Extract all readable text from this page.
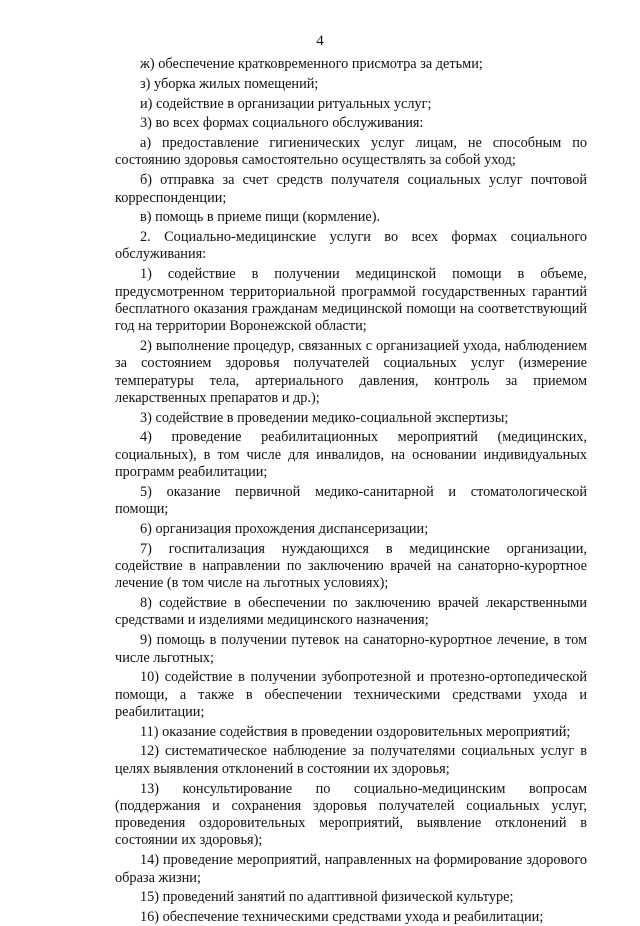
4

ж) обеспечение кратковременного присмотра за детьми;

з) уборка жилых помещений;

и) содействие в организации ритуальных услуг;

3) во всех формах социального обслуживания:

а) предоставление гигиенических услуг лицам, не способным по состоянию здоровья самостоятельно осуществлять за собой уход;

б) отправка за счет средств получателя социальных услуг почтовой корреспонденции;

в) помощь в приеме пищи (кормление).

2. Социально-медицинские услуги во всех формах социального обслуживания:

1) содействие в получении медицинской помощи в объеме, предусмотренном территориальной программой государственных гарантий бесплатного оказания гражданам медицинской помощи на соответствующий год на территории Воронежской области;

2) выполнение процедур, связанных с организацией ухода, наблюдением за состоянием здоровья получателей социальных услуг (измерение температуры тела, артериального давления, контроль за приемом лекарственных препаратов и др.);

3) содействие в проведении медико-социальной экспертизы;

4) проведение реабилитационных мероприятий (медицинских, социальных), в том числе для инвалидов, на основании индивидуальных программ реабилитации;

5) оказание первичной медико-санитарной и стоматологической помощи;

6) организация прохождения диспансеризации;

7) госпитализация нуждающихся в медицинские организации, содействие в направлении по заключению врачей на санаторно-курортное лечение (в том числе на льготных условиях);

8) содействие в обеспечении по заключению врачей лекарственными средствами и изделиями медицинского назначения;

9) помощь в получении путевок на санаторно-курортное лечение, в том числе льготных;

10) содействие в получении зубопротезной и протезно-ортопедической помощи, а также в обеспечении техническими средствами ухода и реабилитации;

11) оказание содействия в проведении оздоровительных мероприятий;

12) систематическое наблюдение за получателями социальных услуг в целях выявления отклонений в состоянии их здоровья;

13) консультирование по социально-медицинским вопросам (поддержания и сохранения здоровья получателей социальных услуг, проведения оздоровительных мероприятий, выявление отклонений в состоянии их здоровья);

14) проведение мероприятий, направленных на формирование здорового образа жизни;

15) проведений занятий по адаптивной физической культуре;

16) обеспечение техническими средствами ухода и реабилитации;
